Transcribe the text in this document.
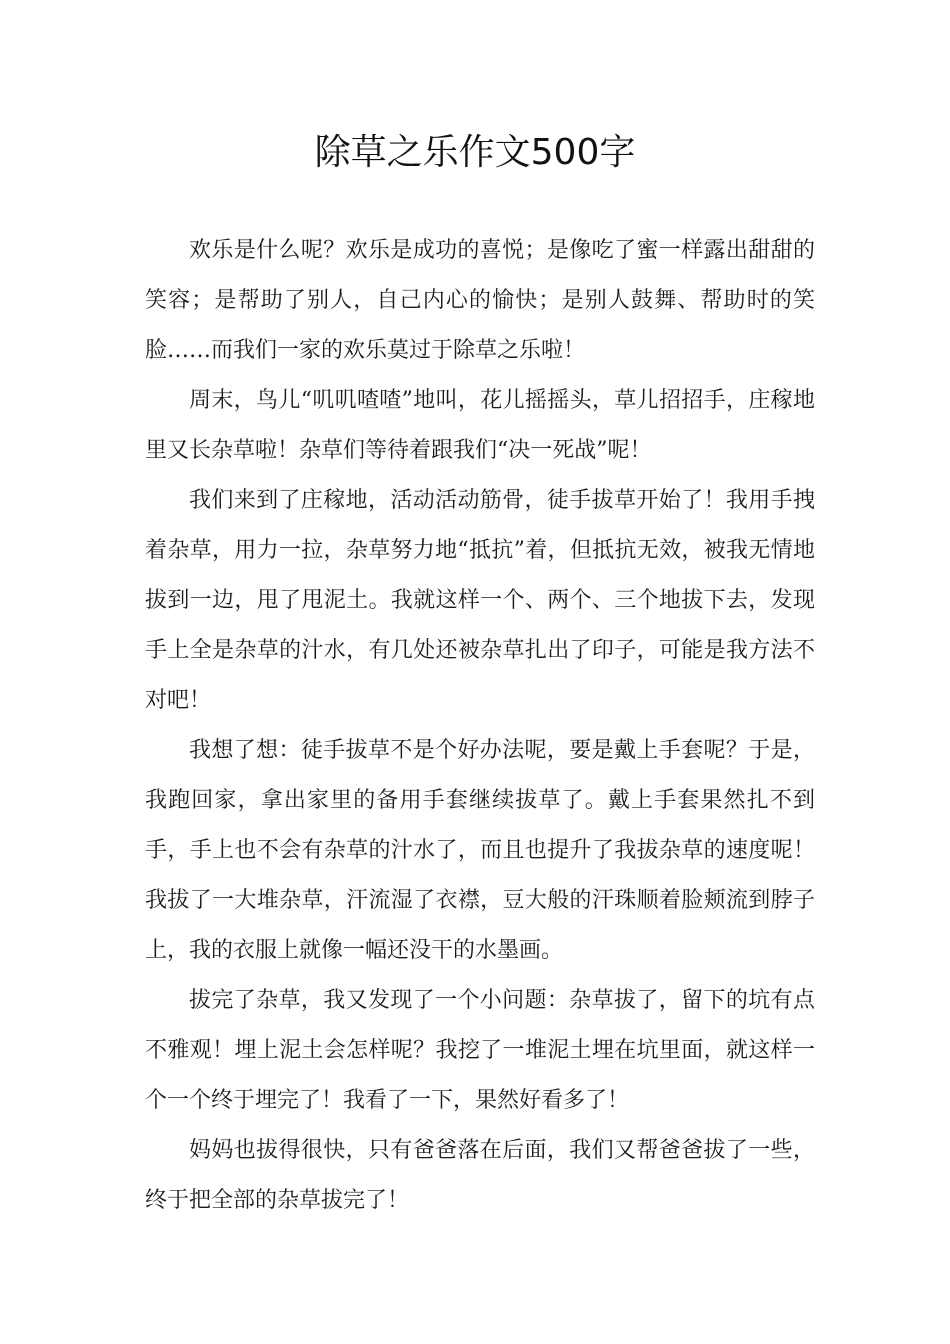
除草之乐作文500字

欢乐是什么呢？欢乐是成功的喜悦；是像吃了蜜一样露出甜甜的笑容；是帮助了别人，自己内心的愉快；是别人鼓舞、帮助时的笑脸……而我们一家的欢乐莫过于除草之乐啦！

周末，鸟儿“叽叽喳喳”地叫，花儿摇摇头，草儿招招手，庄稼地里又长杂草啦！杂草们等待着跟我们“决一死战”呢！

我们来到了庄稼地，活动活动筋骨，徒手拔草开始了！我用手拽着杂草，用力一拉，杂草努力地“抵抗”着，但抵抗无效，被我无情地拔到一边，甩了甩泥土。我就这样一个、两个、三个地拔下去，发现手上全是杂草的汁水，有几处还被杂草扎出了印子，可能是我方法不对吧！

我想了想：徒手拔草不是个好办法呢，要是戴上手套呢？于是，我跑回家，拿出家里的备用手套继续拔草了。戴上手套果然扎不到手，手上也不会有杂草的汁水了，而且也提升了我拔杂草的速度呢！我拔了一大堆杂草，汗流湿了衣襟，豆大般的汗珠顺着脸颊流到脖子上，我的衣服上就像一幅还没干的水墨画。

拔完了杂草，我又发现了一个小问题：杂草拔了，留下的坑有点不雅观！埋上泥土会怎样呢？我挖了一堆泥土埋在坑里面，就这样一个一个终于埋完了！我看了一下，果然好看多了！

妈妈也拔得很快，只有爸爸落在后面，我们又帮爸爸拔了一些，终于把全部的杂草拔完了！
